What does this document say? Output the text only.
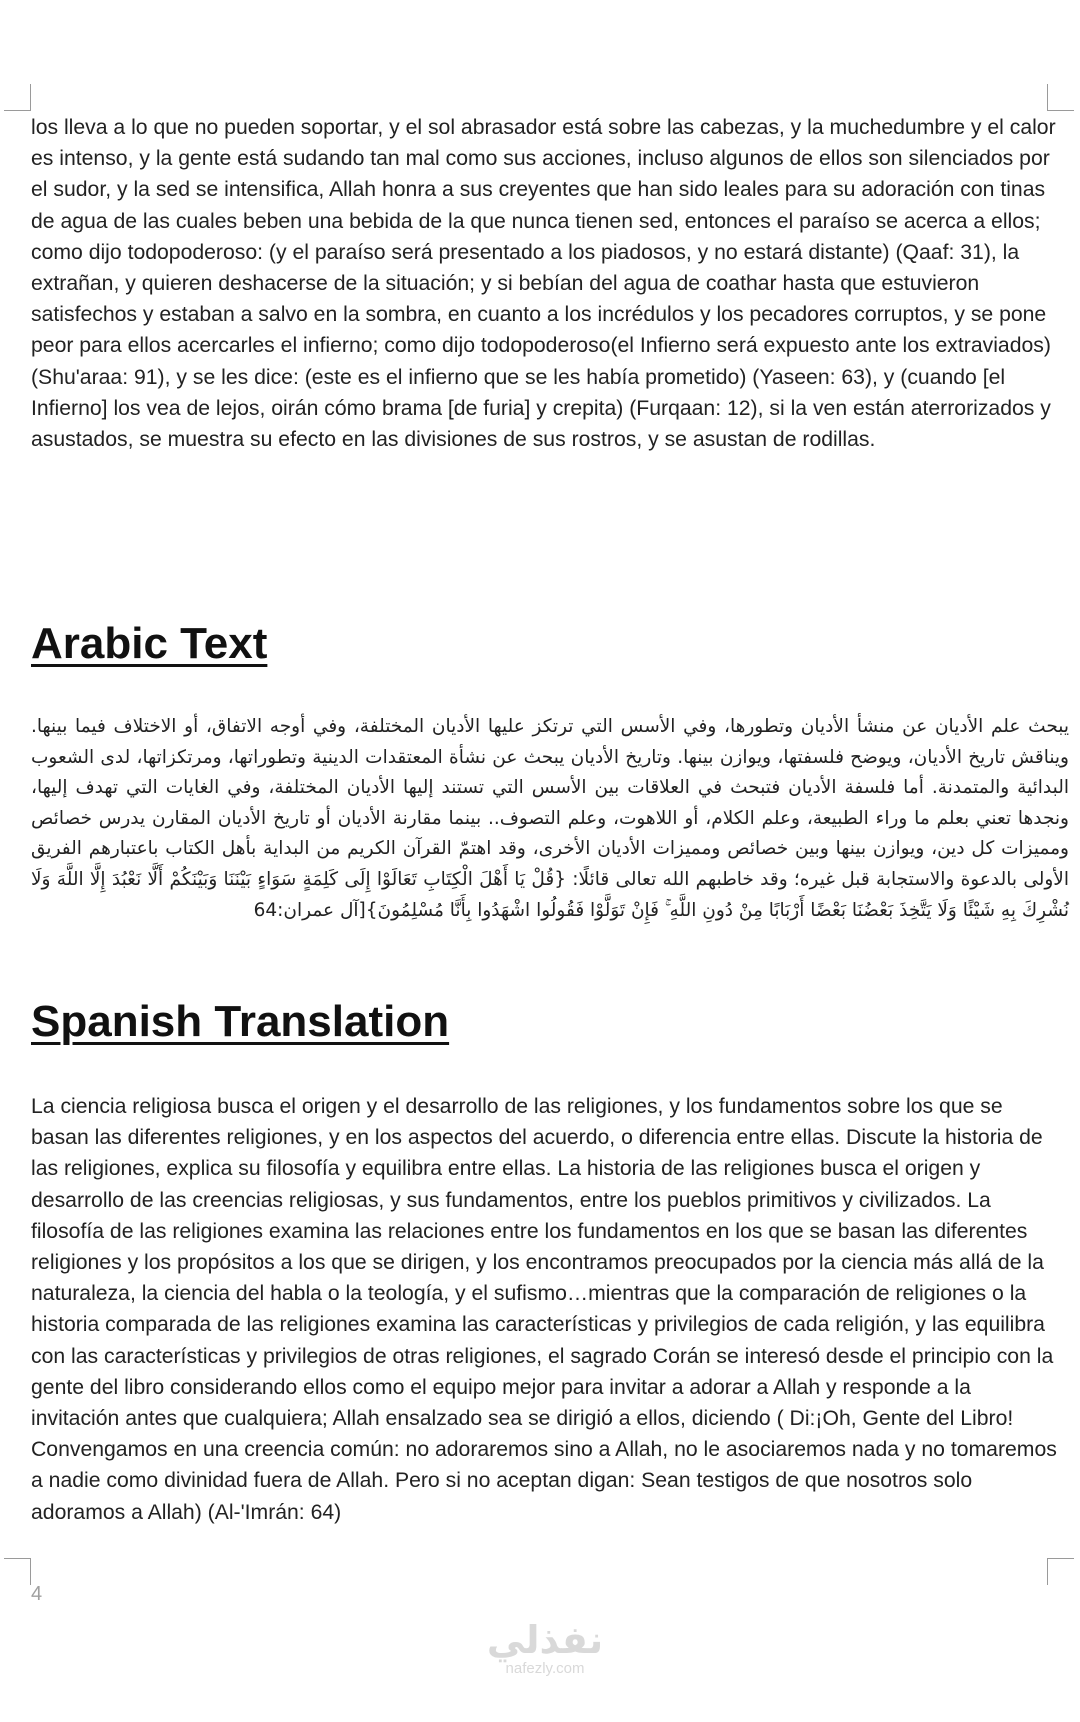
los lleva a lo que no pueden soportar, y el sol abrasador está sobre las cabezas, y la muchedumbre y el calor es intenso, y la gente está sudando tan mal como sus acciones, incluso algunos de ellos son silenciados por el sudor, y la sed se intensifica, Allah honra a sus creyentes que han sido leales para su adoración con tinas de agua de las cuales beben una bebida de la que nunca tienen sed, entonces el paraíso se acerca a ellos; como dijo todopoderoso: (y el paraíso será presentado a los piadosos, y no estará distante) (Qaaf: 31), la extrañan, y quieren deshacerse de la situación; y si bebían del agua de coathar hasta que estuvieron satisfechos y estaban a salvo en la sombra, en cuanto a los incrédulos y los pecadores corruptos, y se pone peor para ellos acercarles el infierno; como dijo todopoderoso(el Infierno será expuesto ante los extraviados) (Shu'araa: 91), y se les dice: (este es el infierno que se les había prometido) (Yaseen: 63), y (cuando [el Infierno] los vea de lejos, oirán cómo brama [de furia] y crepita) (Furqaan: 12), si la ven están aterrorizados y asustados, se muestra su efecto en las divisiones de sus rostros, y se asustan de rodillas.

Arabic Text

يبحث علم الأديان عن منشأ الأديان وتطورها، وفي الأسس التي ترتكز عليها الأديان المختلفة، وفي أوجه الاتفاق، أو الاختلاف فيما بينها. ويناقش تاريخ الأديان، ويوضح فلسفتها، ويوازن بينها. وتاريخ الأديان يبحث عن نشأة المعتقدات الدينية وتطوراتها، ومرتكزاتها، لدى الشعوب البدائية والمتمدنة. أما فلسفة الأديان فتبحث في العلاقات بين الأسس التي تستند إليها الأديان المختلفة، وفي الغايات التي تهدف إليها، ونجدها تعني بعلم ما وراء الطبيعة، وعلم الكلام، أو اللاهوت، وعلم التصوف.. بينما مقارنة الأديان أو تاريخ الأديان المقارن يدرس خصائص ومميزات كل دين، ويوازن بينها وبين خصائص ومميزات الأديان الأخرى، وقد اهتمّ القرآن الكريم من البداية بأهل الكتاب باعتبارهم الفريق الأولى بالدعوة والاستجابة قبل غيره؛ وقد خاطبهم الله تعالى قائلًا: {قُلْ يَا أَهْلَ الْكِتَابِ تَعَالَوْا إِلَى كَلِمَةٍ سَوَاءٍ بَيْنَنَا وَبَيْنَكُمْ أَلَّا نَعْبُدَ إِلَّا اللَّهَ وَلَا نُشْرِكَ بِهِ شَيْئًا وَلَا يَتَّخِذَ بَعْضُنَا بَعْضًا أَرْبَابًا مِنْ دُونِ اللَّهِ ۚ فَإِنْ تَوَلَّوْا فَقُولُوا اشْهَدُوا بِأَنَّا مُسْلِمُونَ}[آل عمران:64

Spanish Translation

La ciencia religiosa busca el origen y el desarrollo de las religiones, y los fundamentos sobre los que se basan las diferentes religiones, y en los aspectos del acuerdo, o diferencia entre ellas. Discute la historia de las religiones, explica su filosofía y equilibra entre ellas. La historia de las religiones busca el origen y desarrollo de las creencias religiosas, y sus fundamentos, entre los pueblos primitivos y civilizados. La filosofía de las religiones examina las relaciones entre los fundamentos en los que se basan las diferentes religiones y los propósitos a los que se dirigen, y los encontramos preocupados por la ciencia más allá de la naturaleza, la ciencia del habla o la teología, y el sufismo…mientras que la comparación de religiones o la historia comparada de las religiones examina las características y privilegios de cada religión, y las equilibra con las características y privilegios de otras religiones, el sagrado Corán se interesó desde el principio con la gente del libro considerando ellos como el equipo mejor para invitar a adorar a Allah y responde a la invitación antes que cualquiera; Allah ensalzado sea se dirigió a ellos, diciendo ( Di:¡Oh, Gente del Libro! Convengamos en una creencia común: no adoraremos sino a Allah, no le asociaremos nada y no tomaremos a nadie como divinidad fuera de Allah. Pero si no aceptan digan: Sean testigos de que nosotros solo adoramos a Allah) (Al-'Imrán: 64)

4
نفذلي
nafezly.com
